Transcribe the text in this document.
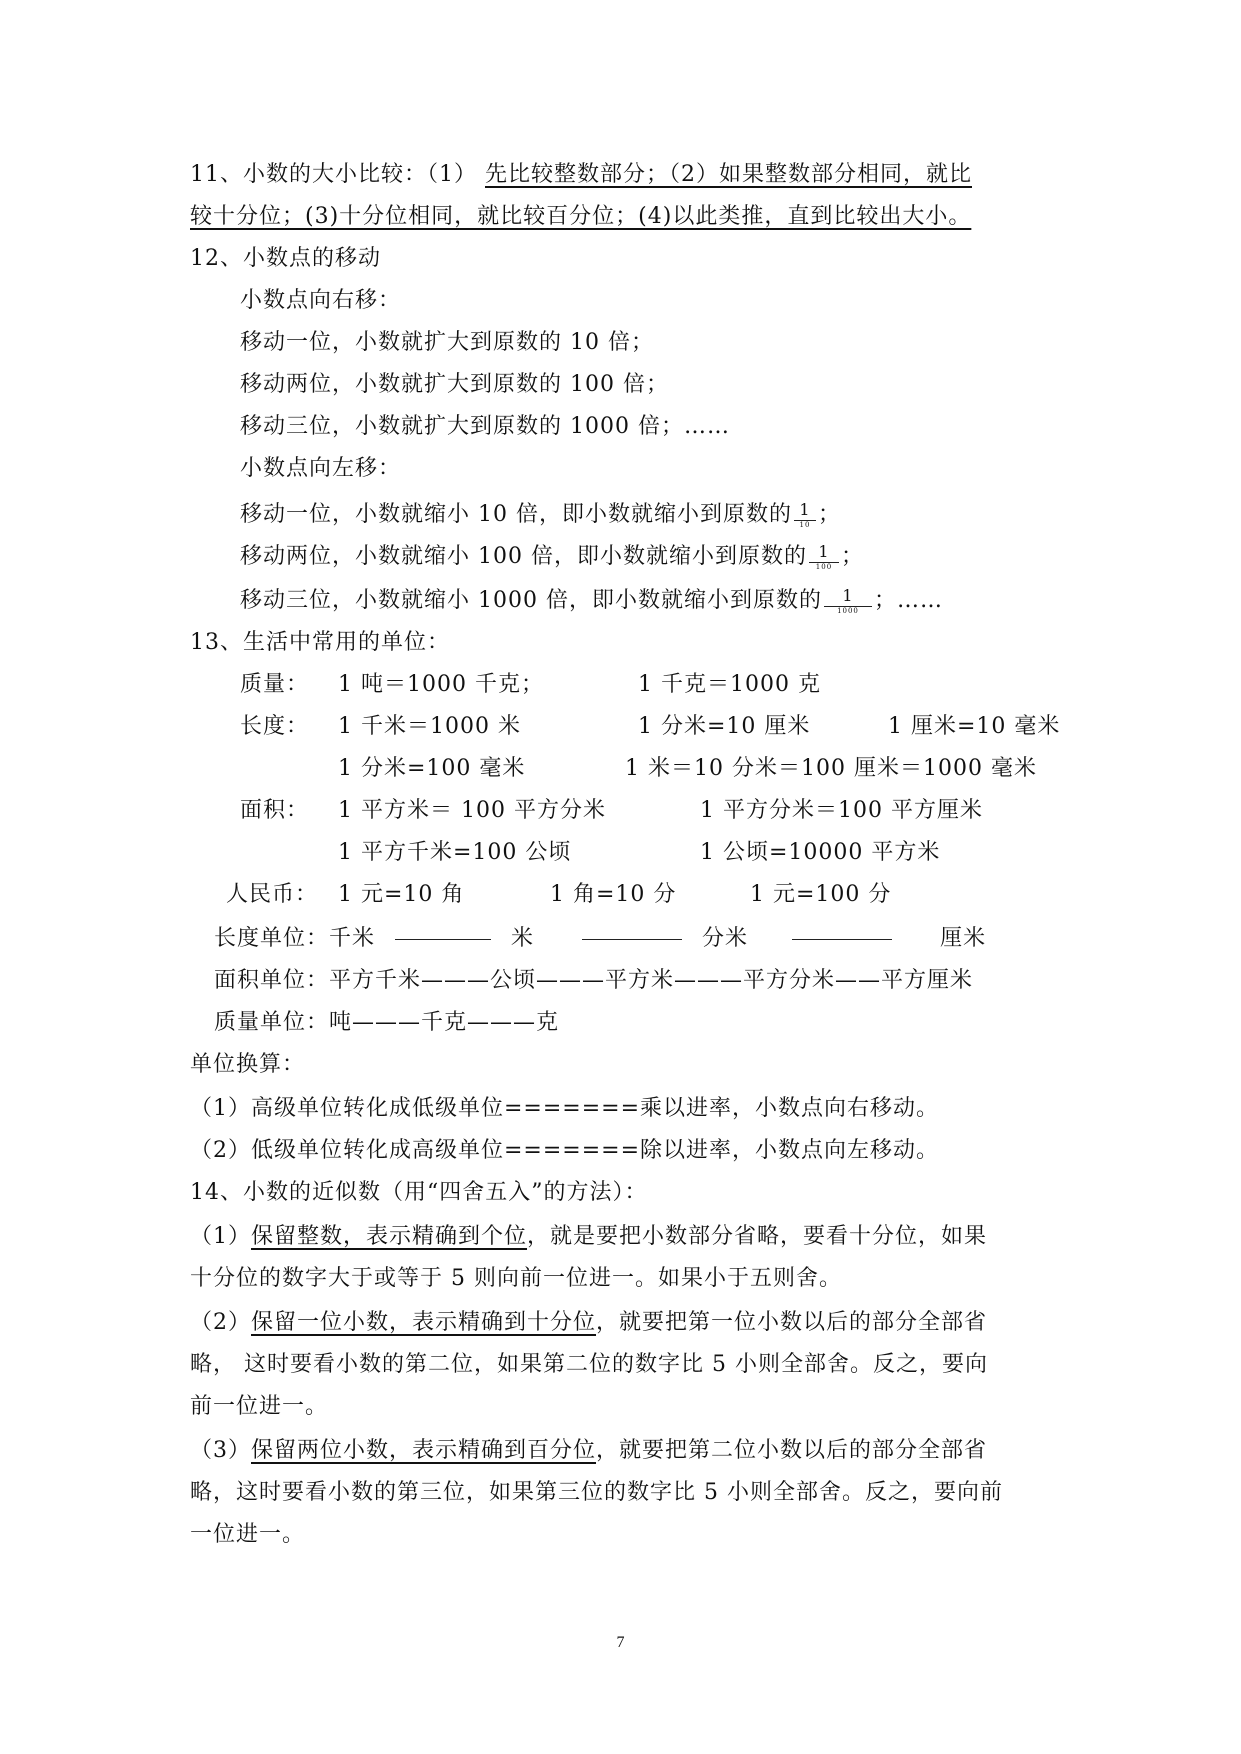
11、小数的大小比较：（1） 先比较整数部分；（2）如果整数部分相同，就比
较十分位；(3)十分位相同，就比较百分位；(4)以此类推，直到比较出大小。
12、小数点的移动
小数点向右移：
移动一位，小数就扩大到原数的 10 倍；
移动两位，小数就扩大到原数的 100 倍；
移动三位，小数就扩大到原数的 1000 倍；……
小数点向左移：
移动一位，小数就缩小 10 倍，即小数就缩小到原数的 $\frac{1}{10}$ ；
移动两位，小数就缩小 100 倍，即小数就缩小到原数的 $\frac{1}{100}$ ；
移动三位，小数就缩小 1000 倍，即小数就缩小到原数的 $\frac{1}{1000}$ ；……
13、生活中常用的单位：
质量： 1 吨＝1000 千克；	1 千克＝1000 克
长度： 1 千米＝1000 米	1 分米=10 厘米	1 厘米=10 毫米
1 分米=100 毫米	1 米＝10 分米＝100 厘米＝1000 毫米
面积： 1 平方米＝ 100 平方分米	1 平方分米＝100 平方厘米
1 平方千米=100 公顷	1 公顷=10000 平方米
人民币： 1 元=10 角	1 角=10 分	1 元=100 分
长度单位：千米	米	分米	厘米
面积单位：平方千米———公顷———平方米———平方分米——平方厘米
质量单位：吨———千克———克
单位换算：
（1）高级单位转化成低级单位=======乘以进率，小数点向右移动。
（2）低级单位转化成高级单位=======除以进率，小数点向左移动。
14、小数的近似数（用“四舍五入”的方法）：
（1）保留整数，表示精确到个位，就是要把小数部分省略，要看十分位，如果
十分位的数字大于或等于 5 则向前一位进一。如果小于五则舍。
（2）保留一位小数，表示精确到十分位，就要把第一位小数以后的部分全部省
略， 这时要看小数的第二位，如果第二位的数字比 5 小则全部舍。反之，要向
前一位进一。
（3）保留两位小数，表示精确到百分位，就要把第二位小数以后的部分全部省
略，这时要看小数的第三位，如果第三位的数字比 5 小则全部舍。反之，要向前
一位进一。
7
